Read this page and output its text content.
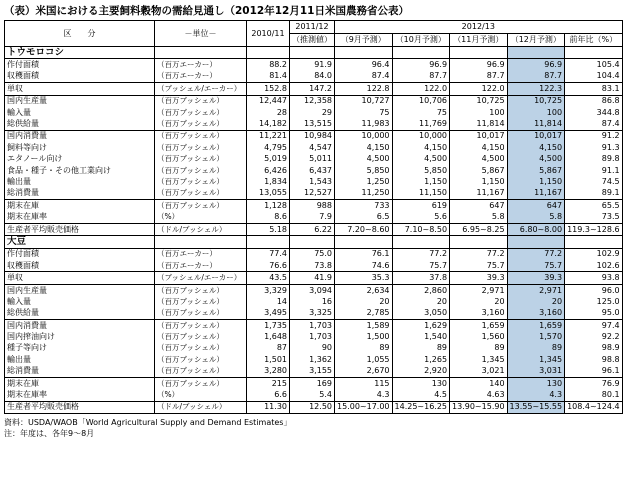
（表）米国における主要飼料穀物の需給見通し（2012年12月11日米国農務省公表）
区　　分	－単位－	2010/11	2011/12	2012/13				
			（推測値）	（9月予測）	（10月予測）	（11月予測）	（12月予測）	前年比（%）
トウモロコシ								
作付面積	（百万エーカー）	88.2	91.9	96.4	96.9	96.9	96.9	105.4
収穫面積	（百万エーカー）	81.4	84.0	87.4	87.7	87.7	87.7	104.4
単収	（ブッシェル/エーカー）	152.8	147.2	122.8	122.0	122.0	122.3	83.1
国内生産量	（百万ブッシェル）	12,447	12,358	10,727	10,706	10,725	10,725	86.8
輸入量	（百万ブッシェル）	28	29	75	75	100	100	344.8
総供給量	（百万ブッシェル）	14,182	13,515	11,983	11,769	11,814	11,814	87.4
国内消費量	（百万ブッシェル）	11,221	10,984	10,000	10,000	10,017	10,017	91.2
飼料等向け	（百万ブッシェル）	4,795	4,547	4,150	4,150	4,150	4,150	91.3
エタノール向け	（百万ブッシェル）	5,019	5,011	4,500	4,500	4,500	4,500	89.8
食品・種子・その他工業向け	（百万ブッシェル）	6,426	6,437	5,850	5,850	5,867	5,867	91.1
輸出量	（百万ブッシェル）	1,834	1,543	1,250	1,150	1,150	1,150	74.5
総消費量	（百万ブッシェル）	13,055	12,527	11,250	11,150	11,167	11,167	89.1
期末在庫	（百万ブッシェル）	1,128	988	733	619	647	647	65.5
期末在庫率	（%）	8.6	7.9	6.5	5.6	5.8	5.8	73.5
生産者平均販売価格	（ドル/ブッシェル）	5.18	6.22	7.20~8.60	7.10~8.50	6.95~8.25	6.80~8.00	119.3~128.6
大豆								
作付面積	（百万エーカー）	77.4	75.0	76.1	77.2	77.2	77.2	102.9
収穫面積	（百万エーカー）	76.6	73.8	74.6	75.7	75.7	75.7	102.6
単収	（ブッシェル/エーカー）	43.5	41.9	35.3	37.8	39.3	39.3	93.8
国内生産量	（百万ブッシェル）	3,329	3,094	2,634	2,860	2,971	2,971	96.0
輸入量	（百万ブッシェル）	14	16	20	20	20	20	125.0
総供給量	（百万ブッシェル）	3,495	3,325	2,785	3,050	3,160	3,160	95.0
国内消費量	（百万ブッシェル）	1,735	1,703	1,589	1,629	1,659	1,659	97.4
国内搾油向け	（百万ブッシェル）	1,648	1,703	1,500	1,540	1,560	1,570	92.2
種子等向け	（百万ブッシェル）	87	90	89	89	89	89	98.9
輸出量	（百万ブッシェル）	1,501	1,362	1,055	1,265	1,345	1,345	98.8
総消費量	（百万ブッシェル）	3,280	3,155	2,670	2,920	3,021	3,031	96.1
期末在庫	（百万ブッシェル）	215	169	115	130	140	130	76.9
期末在庫率	（%）	6.6	5.4	4.3	4.5	4.63	4.3	80.1
生産者平均販売価格	（ドル/ブッシェル）	11.30	12.50	15.00~17.00	14.25~16.25	13.90~15.90	13.55~15.55	108.4~124.4
資料：USDA/WAOB「World Agricultural Supply and Demand Estimates」
注：年度は、各年9～8月
